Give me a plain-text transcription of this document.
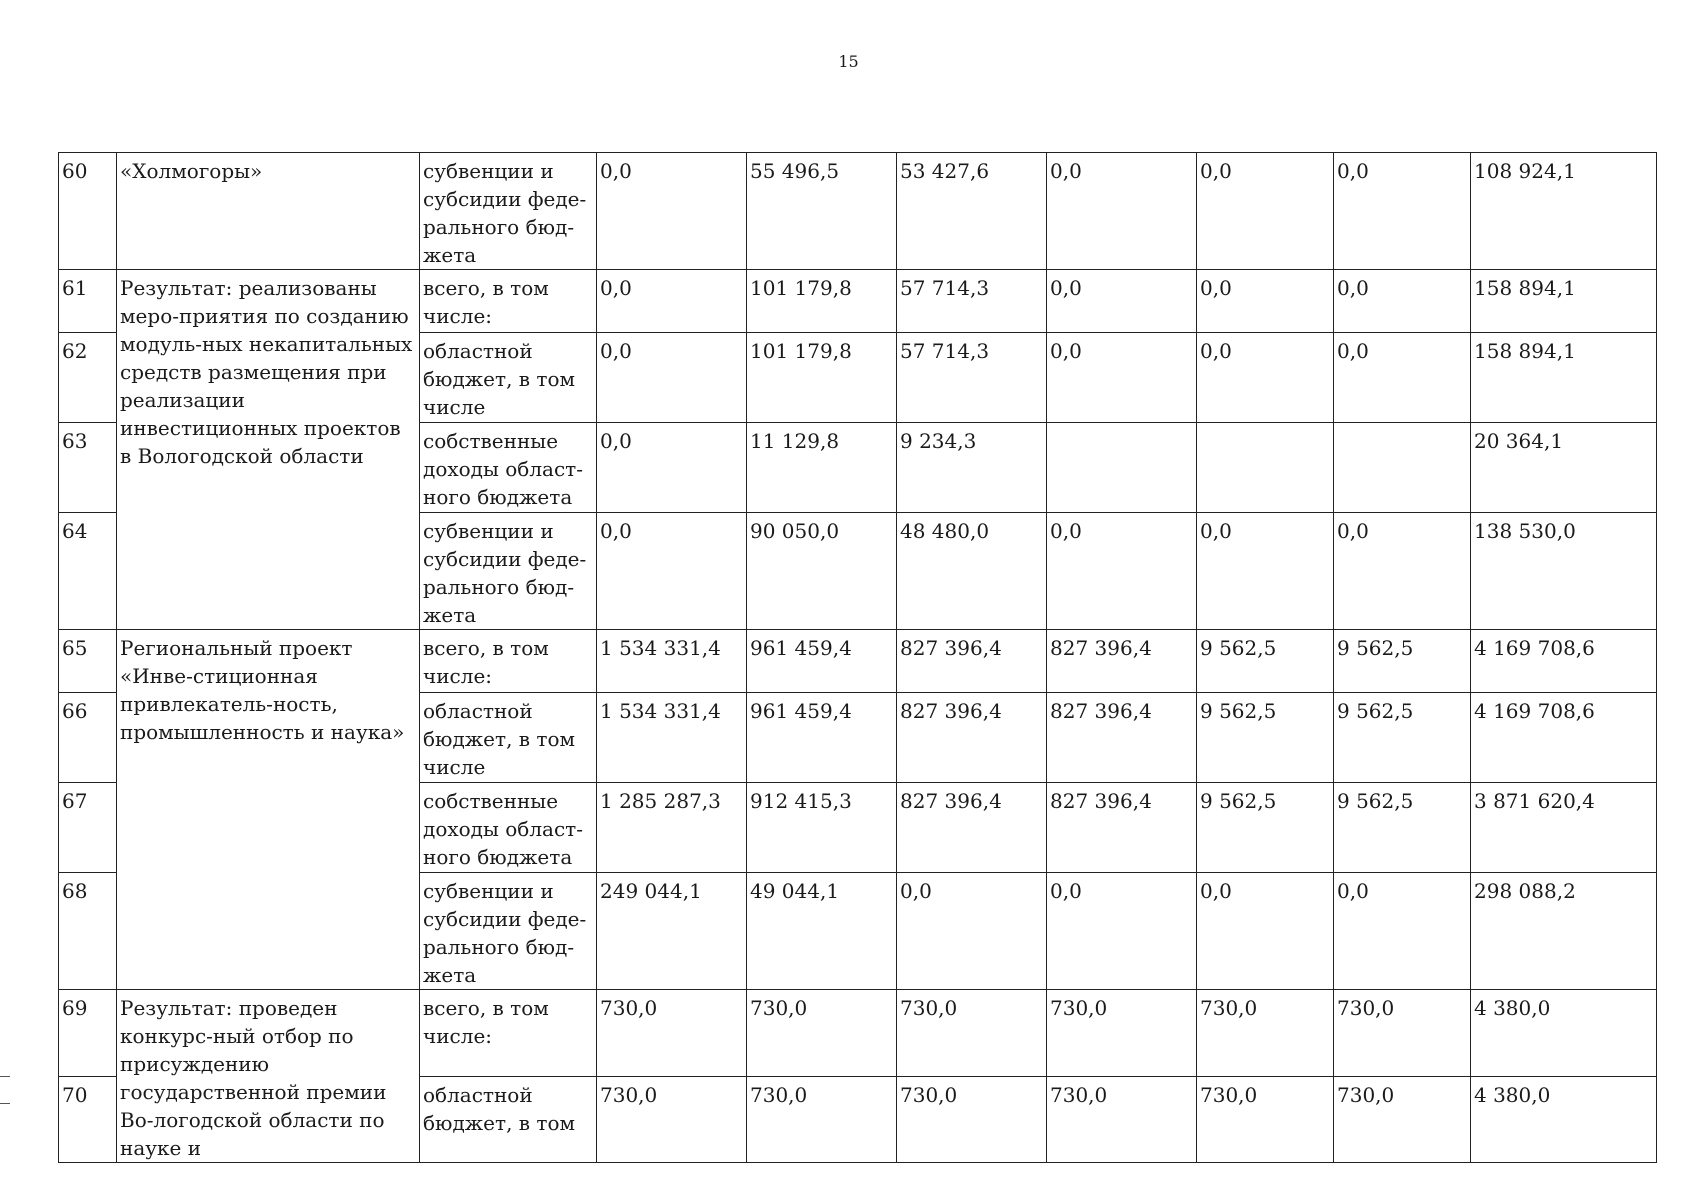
15
60	«Холмогоры»	субвенции и субсидии феде-рального бюд-жета	0,0	55 496,5	53 427,6	0,0	0,0	0,0	108 924,1
61	Результат: реализованы меро-приятия по созданию модуль-ных некапитальных средств размещения при реализации инвестиционных проектов в Вологодской области	всего, в том числе:	0,0	101 179,8	57 714,3	0,0	0,0	0,0	158 894,1
62		областной бюджет, в том числе	0,0	101 179,8	57 714,3	0,0	0,0	0,0	158 894,1
63		собственные доходы област-ного бюджета	0,0	11 129,8	9 234,3				20 364,1
64		субвенции и субсидии феде-рального бюд-жета	0,0	90 050,0	48 480,0	0,0	0,0	0,0	138 530,0
65	Региональный проект «Инве-стиционная привлекатель-ность, промышленность и наука»	всего, в том числе:	1 534 331,4	961 459,4	827 396,4	827 396,4	9 562,5	9 562,5	4 169 708,6
66		областной бюджет, в том числе	1 534 331,4	961 459,4	827 396,4	827 396,4	9 562,5	9 562,5	4 169 708,6
67		собственные доходы област-ного бюджета	1 285 287,3	912 415,3	827 396,4	827 396,4	9 562,5	9 562,5	3 871 620,4
68		субвенции и субсидии феде-рального бюд-жета	249 044,1	49 044,1	0,0	0,0	0,0	0,0	298 088,2
69	Результат: проведен конкурс-ный отбор по присуждению государственной премии Во-логодской области по науке и	всего, в том числе:	730,0	730,0	730,0	730,0	730,0	730,0	4 380,0
70		областной бюджет, в том	730,0	730,0	730,0	730,0	730,0	730,0	4 380,0
